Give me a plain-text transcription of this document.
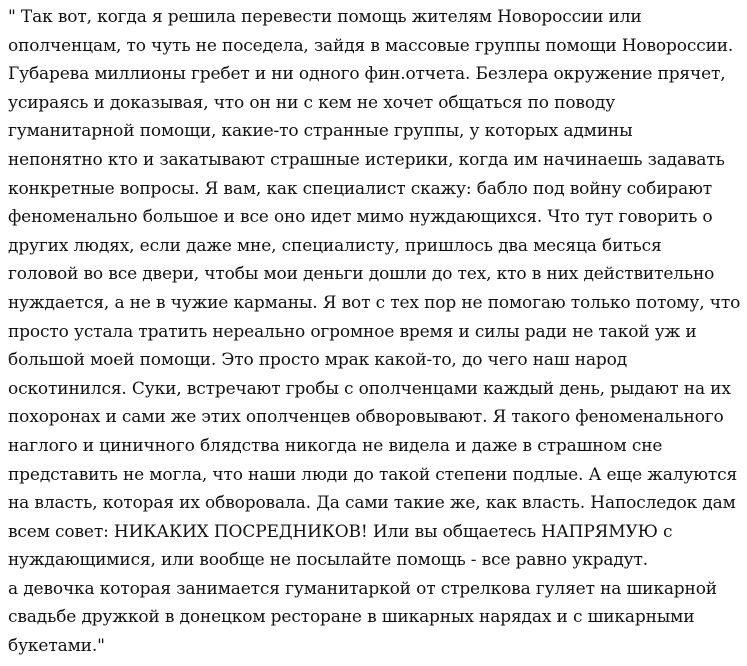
" Так вот, когда я решила перевести помощь жителям Новороссии или
ополченцам, то чуть не поседела, зайдя в массовые группы помощи Новороссии.
Губарева миллионы гребет и ни одного фин.отчета. Безлера окружение прячет,
усираясь и доказывая, что он ни с кем не хочет общаться по поводу
гуманитарной помощи, какие-то странные группы, у которых админы
непонятно кто и закатывают страшные истерики, когда им начинаешь задавать
конкретные вопросы. Я вам, как специалист скажу: бабло под войну собирают
феноменально большое и все оно идет мимо нуждающихся. Что тут говорить о
других людях, если даже мне, специалисту, пришлось два месяца биться
головой во все двери, чтобы мои деньги дошли до тех, кто в них действительно
нуждается, а не в чужие карманы. Я вот с тех пор не помогаю только потому, что
просто устала тратить нереально огромное время и силы ради не такой уж и
большой моей помощи. Это просто мрак какой-то, до чего наш народ
оскотинился. Суки, встречают гробы с ополченцами каждый день, рыдают на их
похоронах и сами же этих ополченцев обворовывают. Я такого феноменального
наглого и циничного блядства никогда не видела и даже в страшном сне
представить не могла, что наши люди до такой степени подлые. А еще жалуются
на власть, которая их обворовала. Да сами такие же, как власть. Напоследок дам
всем совет: НИКАКИХ ПОСРЕДНИКОВ! Или вы общаетесь НАПРЯМУЮ с
нуждающимися, или вообще не посылайте помощь - все равно украдут.
а девочка которая занимается гуманитаркой от стрелкова гуляет на шикарной
свадьбе дружкой в донецком ресторане в шикарных нарядах и с шикарными
букетами."
